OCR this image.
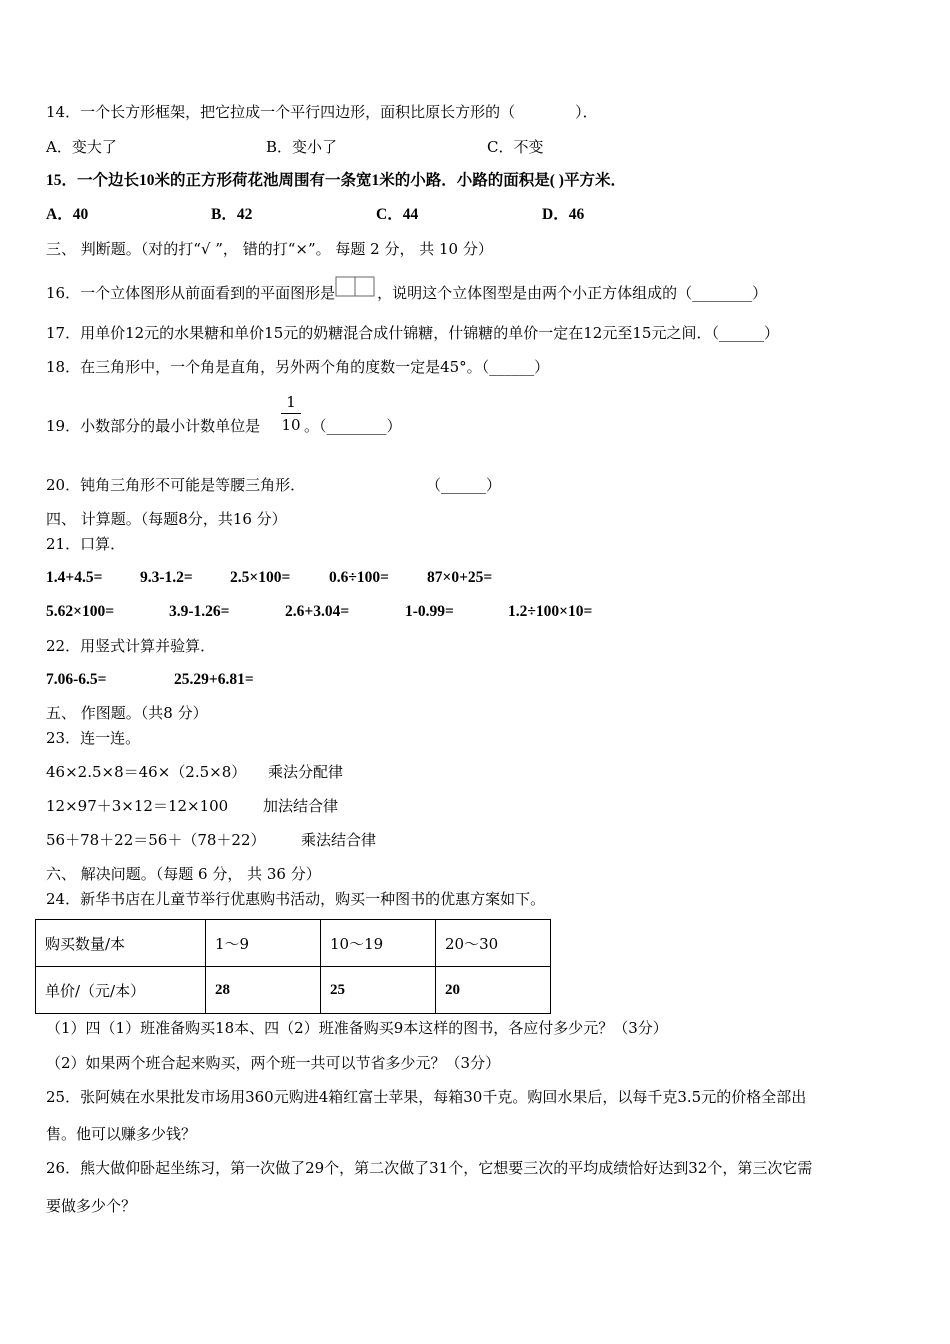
14．一个长方形框架，把它拉成一个平行四边形，面积比原长方形的（　　　　）．
A．变大了	B．变小了	C．不变
15．一个边长10米的正方形荷花池周围有一条宽1米的小路．小路的面积是( )平方米．
A．40	B．42	C．44	D．46
三、 判断题。（对的打“√ ”， 错的打“×”。 每题 2 分， 共 10 分）
16．一个立体图形从前面看到的平面图形是	，说明这个立体图型是由两个小正方体组成的（________）
17．用单价12元的水果糖和单价15元的奶糖混合成什锦糖，什锦糖的单价一定在12元至15元之间．（______）
18．在三角形中，一个角是直角，另外两个角的度数一定是45°。（______）
19．小数部分的最小计数单位是
1
10 。（________）
20．钝角三角形不可能是等腰三角形．	（______）
四、 计算题。（每题8分，共16 分）
21．口算．
1.4+4.5= 9.3-1.2= 2.5×100= 0.6÷100= 87×0+25=
5.62×100=	3.9-1.26=	2.6+3.04=	1-0.99=	1.2÷100×10=
22．用竖式计算并验算．
7.06-6.5=	25.29+6.81=
五、 作图题。（共8 分）
23．连一连。
46×2.5×8＝46×（2.5×8） 乘法分配律
12×97＋3×12＝12×100 加法结合律
56＋78＋22＝56＋（78＋22） 乘法结合律
六、 解决问题。（每题 6 分， 共 36 分）
24．新华书店在儿童节举行优惠购书活动，购买一种图书的优惠方案如下。
购买数量/本	1～9	10～19	20～30
单价/（元/本）	28	25	20
（1）四（1）班准备购买18本、四（2）班准备购买9本这样的图书，各应付多少元？（3分）
（2）如果两个班合起来购买，两个班一共可以节省多少元？（3分）
25．张阿姨在水果批发市场用360元购进4箱红富士苹果，每箱30千克。购回水果后，以每千克3.5元的价格全部出
售。他可以赚多少钱？
26．熊大做仰卧起坐练习，第一次做了29个，第二次做了31个，它想要三次的平均成绩恰好达到32个，第三次它需
要做多少个？
